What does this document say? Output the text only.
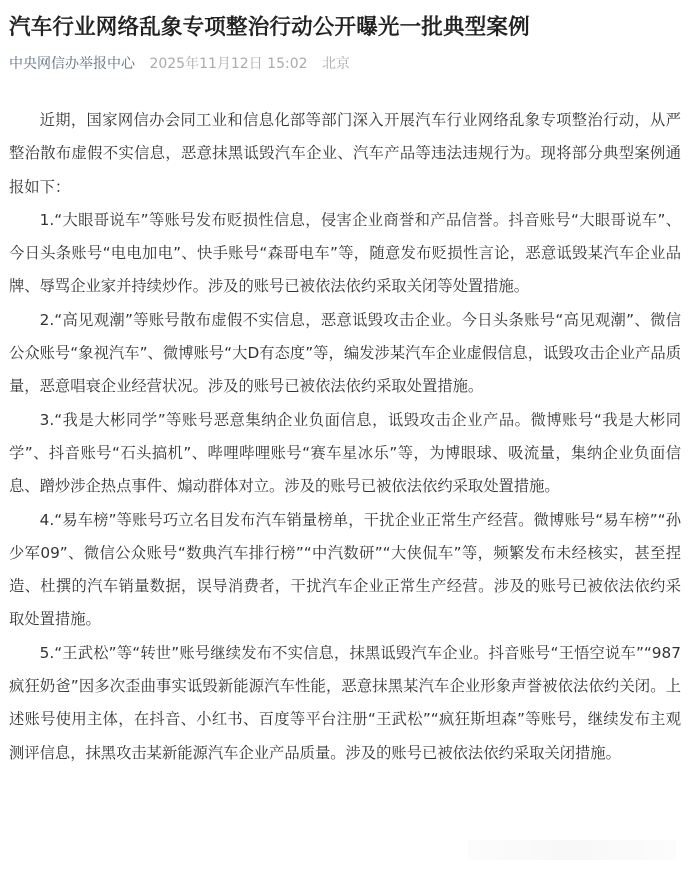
汽车行业网络乱象专项整治行动公开曝光一批典型案例
中央网信办举报中心 2025年11月12日 15:02 北京

近期，国家网信办会同工业和信息化部等部门深入开展汽车行业网络乱象专项整治行动，从严整治散布虚假不实信息，恶意抹黑诋毁汽车企业、汽车产品等违法违规行为。现将部分典型案例通报如下：

1.“大眼哥说车”等账号发布贬损性信息，侵害企业商誉和产品信誉。抖音账号“大眼哥说车”、今日头条账号“电电加电”、快手账号“森哥电车”等，随意发布贬损性言论，恶意诋毁某汽车企业品牌、辱骂企业家并持续炒作。涉及的账号已被依法依约采取关闭等处置措施。

2.“高见观潮”等账号散布虚假不实信息，恶意诋毁攻击企业。今日头条账号“高见观潮”、微信公众账号“象视汽车”、微博账号“大D有态度”等，编发涉某汽车企业虚假信息，诋毁攻击企业产品质量，恶意唱衰企业经营状况。涉及的账号已被依法依约采取处置措施。

3.“我是大彬同学”等账号恶意集纳企业负面信息，诋毁攻击企业产品。微博账号“我是大彬同学”、抖音账号“石头搞机”、哔哩哔哩账号“赛车星冰乐”等，为博眼球、吸流量，集纳企业负面信息、蹭炒涉企热点事件、煽动群体对立。涉及的账号已被依法依约采取处置措施。

4.“易车榜”等账号巧立名目发布汽车销量榜单，干扰企业正常生产经营。微博账号“易车榜”“孙少军09”、微信公众账号“数典汽车排行榜”“中汽数研”“大侠侃车”等，频繁发布未经核实，甚至捏造、杜撰的汽车销量数据，误导消费者，干扰汽车企业正常生产经营。涉及的账号已被依法依约采取处置措施。

5.“王武松”等“转世”账号继续发布不实信息，抹黑诋毁汽车企业。抖音账号“王悟空说车”“987疯狂奶爸”因多次歪曲事实诋毁新能源汽车性能，恶意抹黑某汽车企业形象声誉被依法依约关闭。上述账号使用主体，在抖音、小红书、百度等平台注册“王武松”“疯狂斯坦森”等账号，继续发布主观测评信息，抹黑攻击某新能源汽车企业产品质量。涉及的账号已被依法依约采取关闭措施。
